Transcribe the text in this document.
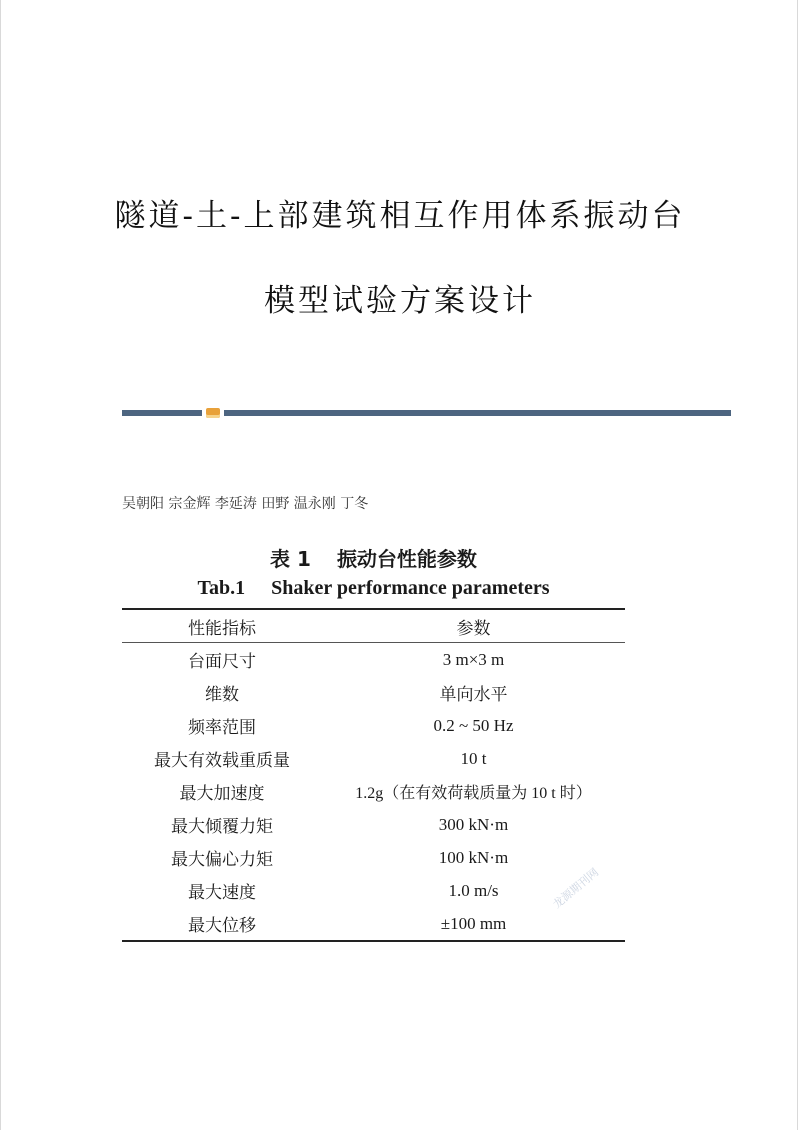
隧道-土-上部建筑相互作用体系振动台
模型试验方案设计
吴朝阳 宗金辉 李延涛 田野 温永刚 丁冬
表 1 振动台性能参数
Tab.1 Shaker performance parameters
性能指标	参数
台面尺寸	3 m×3 m
维数	单向水平
频率范围	0.2 ~ 50 Hz
最大有效载重质量	10 t
最大加速度	1.2g（在有效荷载质量为 10 t 时）
最大倾覆力矩	300 kN·m
最大偏心力矩	100 kN·m
最大速度	1.0 m/s
最大位移	±100 mm
龙源期刊网
